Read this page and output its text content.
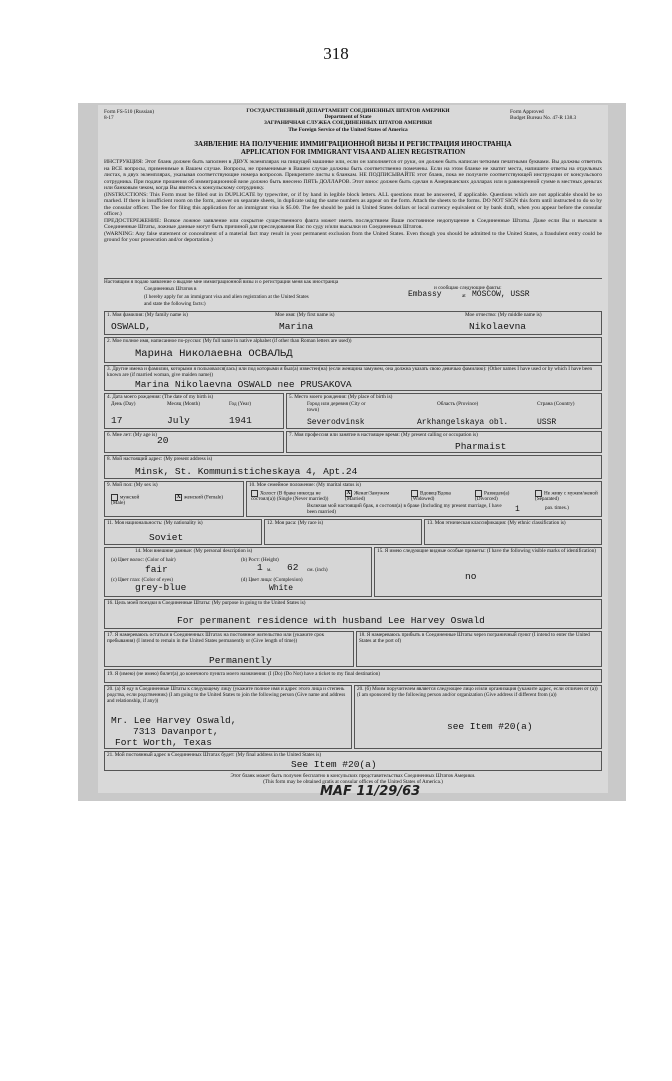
318
Form FS-510 (Russian)
8-17
ГОСУДАРСТВЕННЫЙ ДЕПАРТАМЕНТ СОЕДИНЕННЫХ ШТАТОВ АМЕРИКИ
Department of State
ЗАГРАНИЧНАЯ СЛУЖБА СОЕДИНЕННЫХ ШТАТОВ АМЕРИКИ
The Foreign Service of the United States of America
Form Approved
Budget Bureau No. 47-R 138.3
ЗАЯВЛЕНИЕ НА ПОЛУЧЕНИЕ ИММИГРАЦИОННОЙ ВИЗЫ И РЕГИСТРАЦИЯ ИНОСТРАНЦА
APPLICATION FOR IMMIGRANT VISA AND ALIEN REGISTRATION

ИНСТРУКЦИЯ: Этот бланк должен быть заполнен в ДВУХ экземплярах на пишущей машинке или, если он заполняется от руки, он должен быть написан четкими печатными буквами. Вы должны ответить на ВСЕ вопросы, применимые в Вашем случае. Вопросы, не применимые в Вашем случае должны быть соответственно помечены. Если на этом бланке не хватит места, напишите ответы на отдельных листах, в двух экземплярах, указывая соответствующие номера вопросов. Прикрепите листы к бланкам. НЕ ПОДПИСЫВАЙТЕ этот бланк, пока не получите соответствующей инструкции от консульского сотрудника. При подаче прошения об иммиграционной визе должно быть внесено ПЯТЬ ДОЛЛАРОВ. Этот взнос должен быть сделан в Американских долларах или в равноценной сумме в местных деньгах или банковым чеком, когда Вы явитесь к консульскому сотруднику.

(INSTRUCTIONS: This Form must be filled out in DUPLICATE by typewriter, or if by hand in legible block letters. ALL questions must be answered, if applicable. Questions which are not applicable should be so marked. If there is insufficient room on the form, answer on separate sheets, in duplicate using the same numbers as appear on the form. Attach the sheets to the forms. DO NOT SIGN this form until instructed to do so by the consular officer. The fee for filing this application for an immigrant visa is $5.00. The fee should be paid in United States dollars or local currency equivalent or by bank draft, when you appear before the consular officer.)

ПРЕДОСТЕРЕЖЕНИЕ: Всякое ложное заявление или сокрытие существенного факта может иметь последствием Ваше постоянное недопущение в Соединенные Штаты. Даже если Вы и въехали в Соединенные Штаты, ложные данные могут быть причиной для преследования Вас по суду и/или высылки из Соединенных Штатов.

(WARNING: Any false statement or concealment of a material fact may result in your permanent exclusion from the United States. Even though you should be admitted to the United States, a fraudulent entry could be ground for your prosecution and/or deportation.)

Настоящим я подаю заявление о выдаче мне иммиграционной визы и о регистрации меня как иностранца
Соединенных Штатов в	и сообщаю следующие факты:
(I hereby apply for an immigrant visa and alien registration at the United States
and state the following facts:)
Embassy	at MOSCOW, USSR
1. Моя фамилия: (My family name is)	Мое имя: (My first name is)	Мое отчество: (My middle name is)
OSWALD,	Marina	Nikolaevna
2. Мое полное имя, написанное по-русски: (My full name in native alphabet (if other than Roman letters are used))
Марина Николаевна ОСВАЛЬД
3. Другие имена и фамилии, которыми я пользовался(лась) или под которыми я был(а) известен(на) (если женщина замужем, она должна указать свою девичью фамилию): (Other names I have used or by which I have been known are (if married woman, give maiden name))
Marina Nikolaevna OSWALD nee PRUSAKOVA
4. Дата моего рождения: (The date of my birth is)
День (Day)	Месяц (Month)	Год (Year)
17	July	1941
5. Место моего рождения: (My place of birth is)
Город или деревня (City or town)
Область (Province)	Страна (Country)
Severodvinsk	Arkhangelskaya obl.	USSR
6. Мне лет: (My age is) 20	7. Моя профессия или занятие в настоящее время: (My present calling or occupation is)
Pharmaist
8. Мой настоящий адрес: (My present address is)
Minsk, St. Kommunisticheskaya 4, Apt.24
9. Мой пол: (My sex is)
мужской (Male)
X женский (Female)
10. Мое семейное положение: (My marital status is)
Холост (В браке никогда не состоял(а)) (Single (Never married))
X Женат/Замужем (Married)
Вдовец/Вдова (Widowed)
Разведен(а) (Divorced)
Не живу с мужем/женой (Separated)
Включая мой настоящий брак, я состоял(а) в браке (Including my present marriage, I have been married)	1	раз. times.)
11. Моя национальность: (My nationality is)
Soviet
12. Моя раса: (My race is)	13. Моя этническая классификация: (My ethnic classification is)
14. Мои внешние данные: (My personal description is)
(a) Цвет волос: (Color of hair)
fair
(b) Рост: (Height)
1 м. 62 см. (inch)
(c) Цвет глаз: (Color of eyes)
grey-blue
(d) Цвет лица: (Complexion)
White
15. Я имею следующие видные особые приметы: (I have the following visible marks of identification)
no
16. Цель моей поездки в Соединенные Штаты: (My purpose in going to the United States is)
For permanent residence with husband Lee Harvey Oswald
17. Я намереваюсь остаться в Соединенных Штатах на постоянное жительство или (укажите срок пребывания) (I intend to remain in the United States permanently or (Give length of time))
Permanently
18. Я намереваюсь прибыть в Соединенные Штаты через пограничный пункт (I intend to enter the United States at the port of)
19. Я (имею) (не имею) билет(а) до конечного пункта моего назначения: (I (Do) (Do Not) have a ticket to my final destination)
20. (a) Я еду в Соединенные Штаты к следующему лицу (укажите полное имя и адрес этого лица и степень родства, если родственник) (I am going to the United States to join the following person (Give name and address and relationship, if any))
Mr. Lee Harvey Oswald,
7313 Davanport,
Fort Worth, Texas
20. (б) Моим поручителем является следующее лицо и/или организация (укажите адрес, если отличен от (а)) (I am sponsored by the following person and/or organization (Give address if different from (a))
see Item #20(a)
21. Мой постоянный адрес в Соединенных Штатах будет: (My final address in the United States is)
See Item #20(a)
Этот бланк может быть получен бесплатно в консульских представительствах Соединенных Штатов Америки.
(This form may be obtained gratis at consular offices of the United States of America.)
MAF 11/29/63
